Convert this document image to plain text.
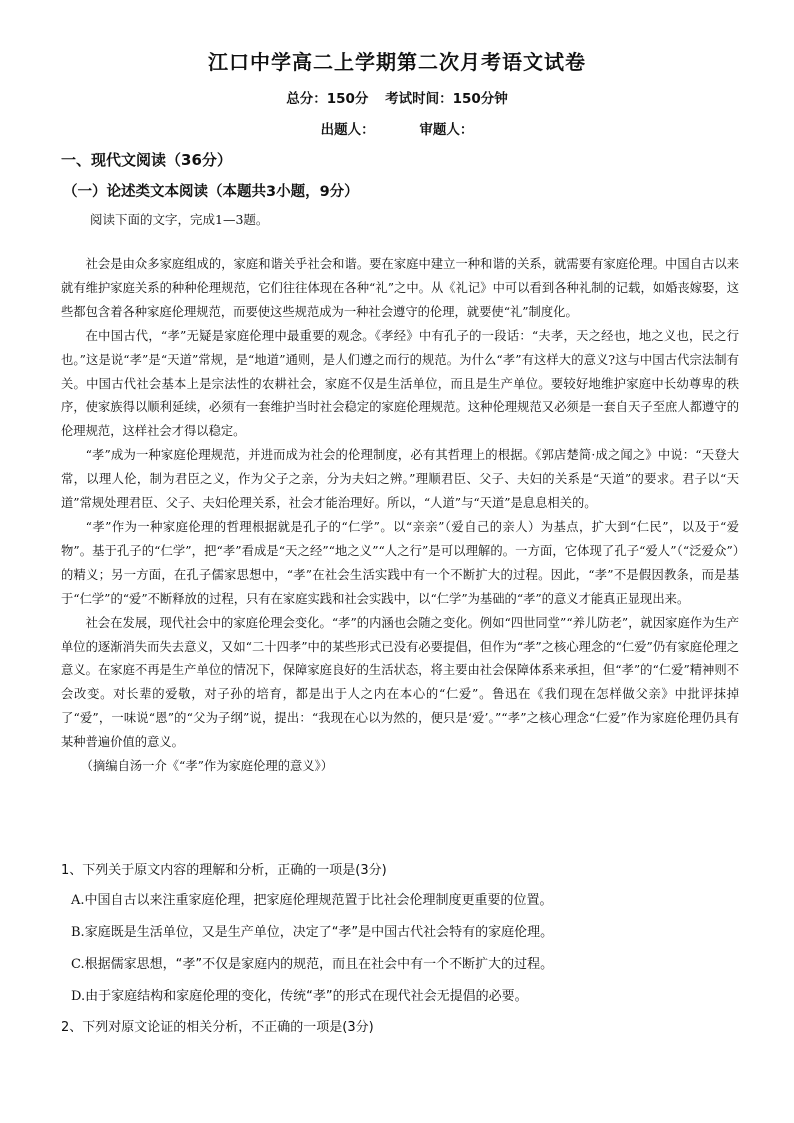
江口中学高二上学期第二次月考语文试卷
总分：150分 考试时间：150分钟
出题人：	审题人：
一、现代文阅读（36分）
（一）论述类文本阅读（本题共3小题，9分）
阅读下面的文字，完成1—3题。

社会是由众多家庭组成的，家庭和谐关乎社会和谐。要在家庭中建立一种和谐的关系，就需要有家庭伦理。中国自古以来就有维护家庭关系的种种伦理规范，它们往往体现在各种“礼”之中。从《礼记》中可以看到各种礼制的记载，如婚丧嫁娶，这些都包含着各种家庭伦理规范，而要使这些规范成为一种社会遵守的伦理，就要使“礼”制度化。

在中国古代，“孝”无疑是家庭伦理中最重要的观念。《孝经》中有孔子的一段话：“夫孝，天之经也，地之义也，民之行也。”这是说“孝”是“天道”常规，是“地道”通则，是人们遵之而行的规范。为什么“孝”有这样大的意义?这与中国古代宗法制有关。中国古代社会基本上是宗法性的农耕社会，家庭不仅是生活单位，而且是生产单位。要较好地维护家庭中长幼尊卑的秩序，使家族得以顺利延续，必须有一套维护当时社会稳定的家庭伦理规范。这种伦理规范又必须是一套自天子至庶人都遵守的伦理规范，这样社会才得以稳定。

“孝”成为一种家庭伦理规范，并进而成为社会的伦理制度，必有其哲理上的根据。《郭店楚简·成之闻之》中说：“天登大常，以理人伦，制为君臣之义，作为父子之亲，分为夫妇之辨。”理顺君臣、父子、夫妇的关系是“天道”的要求。君子以“天道”常规处理君臣、父子、夫妇伦理关系，社会才能治理好。所以，“人道”与“天道”是息息相关的。

“孝”作为一种家庭伦理的哲理根据就是孔子的“仁学”。以“亲亲”（爱自己的亲人）为基点，扩大到“仁民”，以及于“爱物”。基于孔子的“仁学”，把“孝”看成是“天之经”“地之义”“人之行”是可以理解的。一方面，它体现了孔子“爱人”（“泛爱众”）的精义；另一方面，在孔子儒家思想中，“孝”在社会生活实践中有一个不断扩大的过程。因此，“孝”不是假因教条，而是基于“仁学”的“爱”不断释放的过程，只有在家庭实践和社会实践中，以“仁学”为基础的“孝”的意义才能真正显现出来。

社会在发展，现代社会中的家庭伦理会变化。“孝”的内涵也会随之变化。例如“四世同堂”“养儿防老”，就因家庭作为生产单位的逐渐消失而失去意义，又如“二十四孝”中的某些形式已没有必要提倡，但作为“孝”之核心理念的“仁爱”仍有家庭伦理之意义。在家庭不再是生产单位的情况下，保障家庭良好的生活状态，将主要由社会保障体系来承担，但“孝”的“仁爱”精神则不会改变。对长辈的爱敬，对子孙的培育，都是出于人之内在本心的“仁爱”。鲁迅在《我们现在怎样做父亲》中批评抹掉了“爱”，一味说“恩”的“父为子纲”说，提出：“我现在心以为然的，便只是‘爱’。”“孝”之核心理念“仁爱”作为家庭伦理仍具有某种普遍价值的意义。

（摘编自汤一介《“孝”作为家庭伦理的意义》）

1、下列关于原文内容的理解和分析，正确的一项是(3分)

A.中国自古以来注重家庭伦理，把家庭伦理规范置于比社会伦理制度更重要的位置。

B.家庭既是生活单位，又是生产单位，决定了“孝”是中国古代社会特有的家庭伦理。

C.根据儒家思想，“孝”不仅是家庭内的规范，而且在社会中有一个不断扩大的过程。

D.由于家庭结构和家庭伦理的变化，传统“孝”的形式在现代社会无提倡的必要。

2、下列对原文论证的相关分析，不正确的一项是(3分)
